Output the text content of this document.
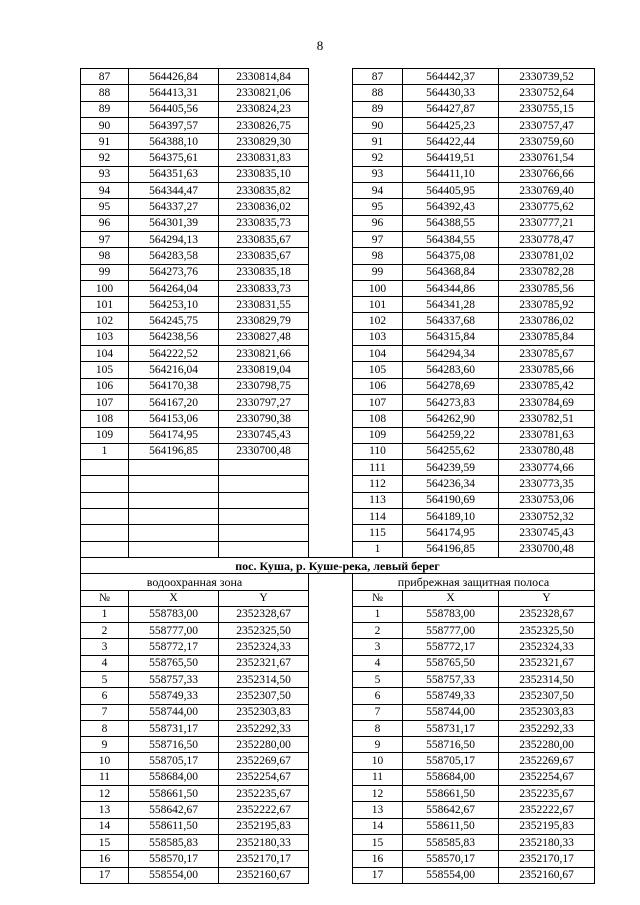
8
87	564426,84	2330814,84		87	564442,37	2330739,52
88	564413,31	2330821,06		88	564430,33	2330752,64
89	564405,56	2330824,23		89	564427,87	2330755,15
90	564397,57	2330826,75		90	564425,23	2330757,47
91	564388,10	2330829,30		91	564422,44	2330759,60
92	564375,61	2330831,83		92	564419,51	2330761,54
93	564351,63	2330835,10		93	564411,10	2330766,66
94	564344,47	2330835,82		94	564405,95	2330769,40
95	564337,27	2330836,02		95	564392,43	2330775,62
96	564301,39	2330835,73		96	564388,55	2330777,21
97	564294,13	2330835,67		97	564384,55	2330778,47
98	564283,58	2330835,67		98	564375,08	2330781,02
99	564273,76	2330835,18		99	564368,84	2330782,28
100	564264,04	2330833,73		100	564344,86	2330785,56
101	564253,10	2330831,55		101	564341,28	2330785,92
102	564245,75	2330829,79		102	564337,68	2330786,02
103	564238,56	2330827,48		103	564315,84	2330785,84
104	564222,52	2330821,66		104	564294,34	2330785,67
105	564216,04	2330819,04		105	564283,60	2330785,66
106	564170,38	2330798,75		106	564278,69	2330785,42
107	564167,20	2330797,27		107	564273,83	2330784,69
108	564153,06	2330790,38		108	564262,90	2330782,51
109	564174,95	2330745,43		109	564259,22	2330781,63
1	564196,85	2330700,48		110	564255,62	2330780,48
				111	564239,59	2330774,66
				112	564236,34	2330773,35
				113	564190,69	2330753,06
				114	564189,10	2330752,32
				115	564174,95	2330745,43
				1	564196,85	2330700,48
пос. Куша, р. Куше-река, левый берег						
водоохранная зона				прибрежная защитная полоса		
№	X	Y		№	X	Y
1	558783,00	2352328,67		1	558783,00	2352328,67
2	558777,00	2352325,50		2	558777,00	2352325,50
3	558772,17	2352324,33		3	558772,17	2352324,33
4	558765,50	2352321,67		4	558765,50	2352321,67
5	558757,33	2352314,50		5	558757,33	2352314,50
6	558749,33	2352307,50		6	558749,33	2352307,50
7	558744,00	2352303,83		7	558744,00	2352303,83
8	558731,17	2352292,33		8	558731,17	2352292,33
9	558716,50	2352280,00		9	558716,50	2352280,00
10	558705,17	2352269,67		10	558705,17	2352269,67
11	558684,00	2352254,67		11	558684,00	2352254,67
12	558661,50	2352235,67		12	558661,50	2352235,67
13	558642,67	2352222,67		13	558642,67	2352222,67
14	558611,50	2352195,83		14	558611,50	2352195,83
15	558585,83	2352180,33		15	558585,83	2352180,33
16	558570,17	2352170,17		16	558570,17	2352170,17
17	558554,00	2352160,67		17	558554,00	2352160,67
